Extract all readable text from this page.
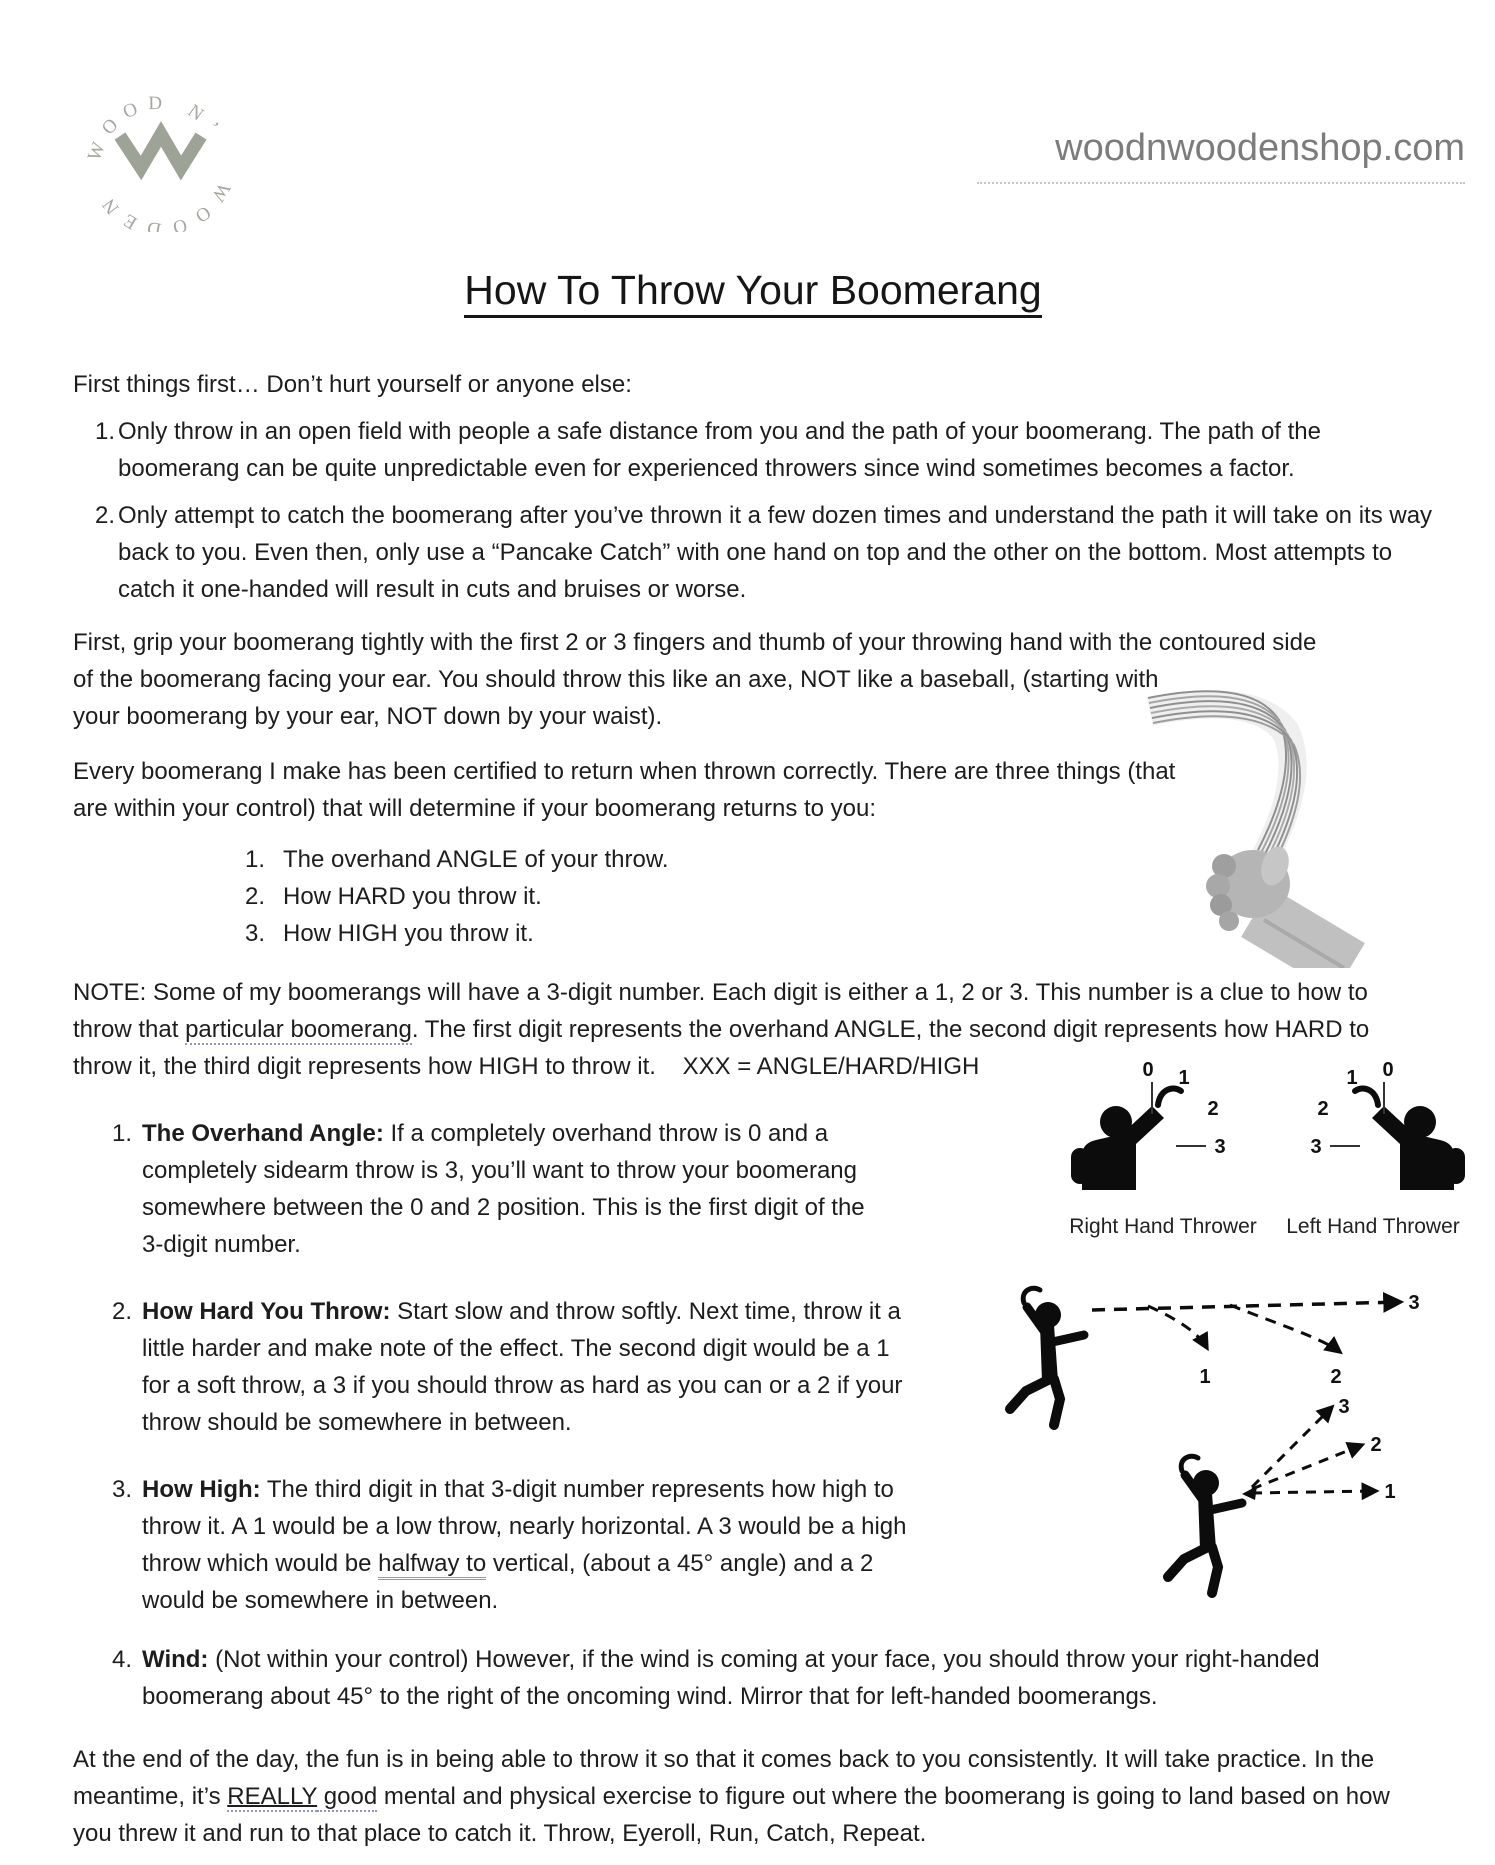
WOOD N’
WOODEN
woodnwoodenshop.com
How To Throw Your Boomerang

First things first… Don’t hurt yourself or anyone else:

1. Only throw in an open field with people a safe distance from you and the path of your boomerang. The path of the boomerang can be quite unpredictable even for experienced throwers since wind sometimes becomes a factor.
2. Only attempt to catch the boomerang after you’ve thrown it a few dozen times and understand the path it will take on its way back to you. Even then, only use a “Pancake Catch” with one hand on top and the other on the bottom. Most attempts to catch it one-handed will result in cuts and bruises or worse.

First, grip your boomerang tightly with the first 2 or 3 fingers and thumb of your throwing hand with the contoured side

of the boomerang facing your ear. You should throw this like an axe, NOT like a baseball, (starting with your boomerang by your ear, NOT down by your waist).

Every boomerang I make has been certified to return when thrown correctly. There are three things (that are within your control) that will determine if your boomerang returns to you:

1. The overhand ANGLE of your throw.
2. How HARD you throw it.
3. How HIGH you throw it.

NOTE: Some of my boomerangs will have a 3-digit number. Each digit is either a 1, 2 or 3. This number is a clue to how to throw that particular boomerang. The first digit represents the overhand ANGLE, the second digit represents how HARD to throw it, the third digit represents how HIGH to throw it.    XXX = ANGLE/HARD/HIGH

1. The Overhand Angle: If a completely overhand throw is 0 and a completely sidearm throw is 3, you’ll want to throw your boomerang somewhere between the 0 and 2 position. This is the first digit of the 3-digit number.
0 1
2
3
0
1
2
3
Right Hand Thrower	Left Hand Thrower
2. How Hard You Throw: Start slow and throw softly. Next time, throw it a little harder and make note of the effect. The second digit would be a 1 for a soft throw, a 3 if you should throw as hard as you can or a 2 if your throw should be somewhere in between.
3
1	2
3. How High: The third digit in that 3-digit number represents how high to throw it. A 1 would be a low throw, nearly horizontal. A 3 would be a high throw which would be halfway to vertical, (about a 45° angle) and a 2 would be somewhere in between.
3
2
1
4. Wind: (Not within your control) However, if the wind is coming at your face, you should throw your right-handed boomerang about 45° to the right of the oncoming wind. Mirror that for left-handed boomerangs.

At the end of the day, the fun is in being able to throw it so that it comes back to you consistently. It will take practice. In the meantime, it’s REALLY good mental and physical exercise to figure out where the boomerang is going to land based on how you threw it and run to that place to catch it. Throw, Eyeroll, Run, Catch, Repeat.
